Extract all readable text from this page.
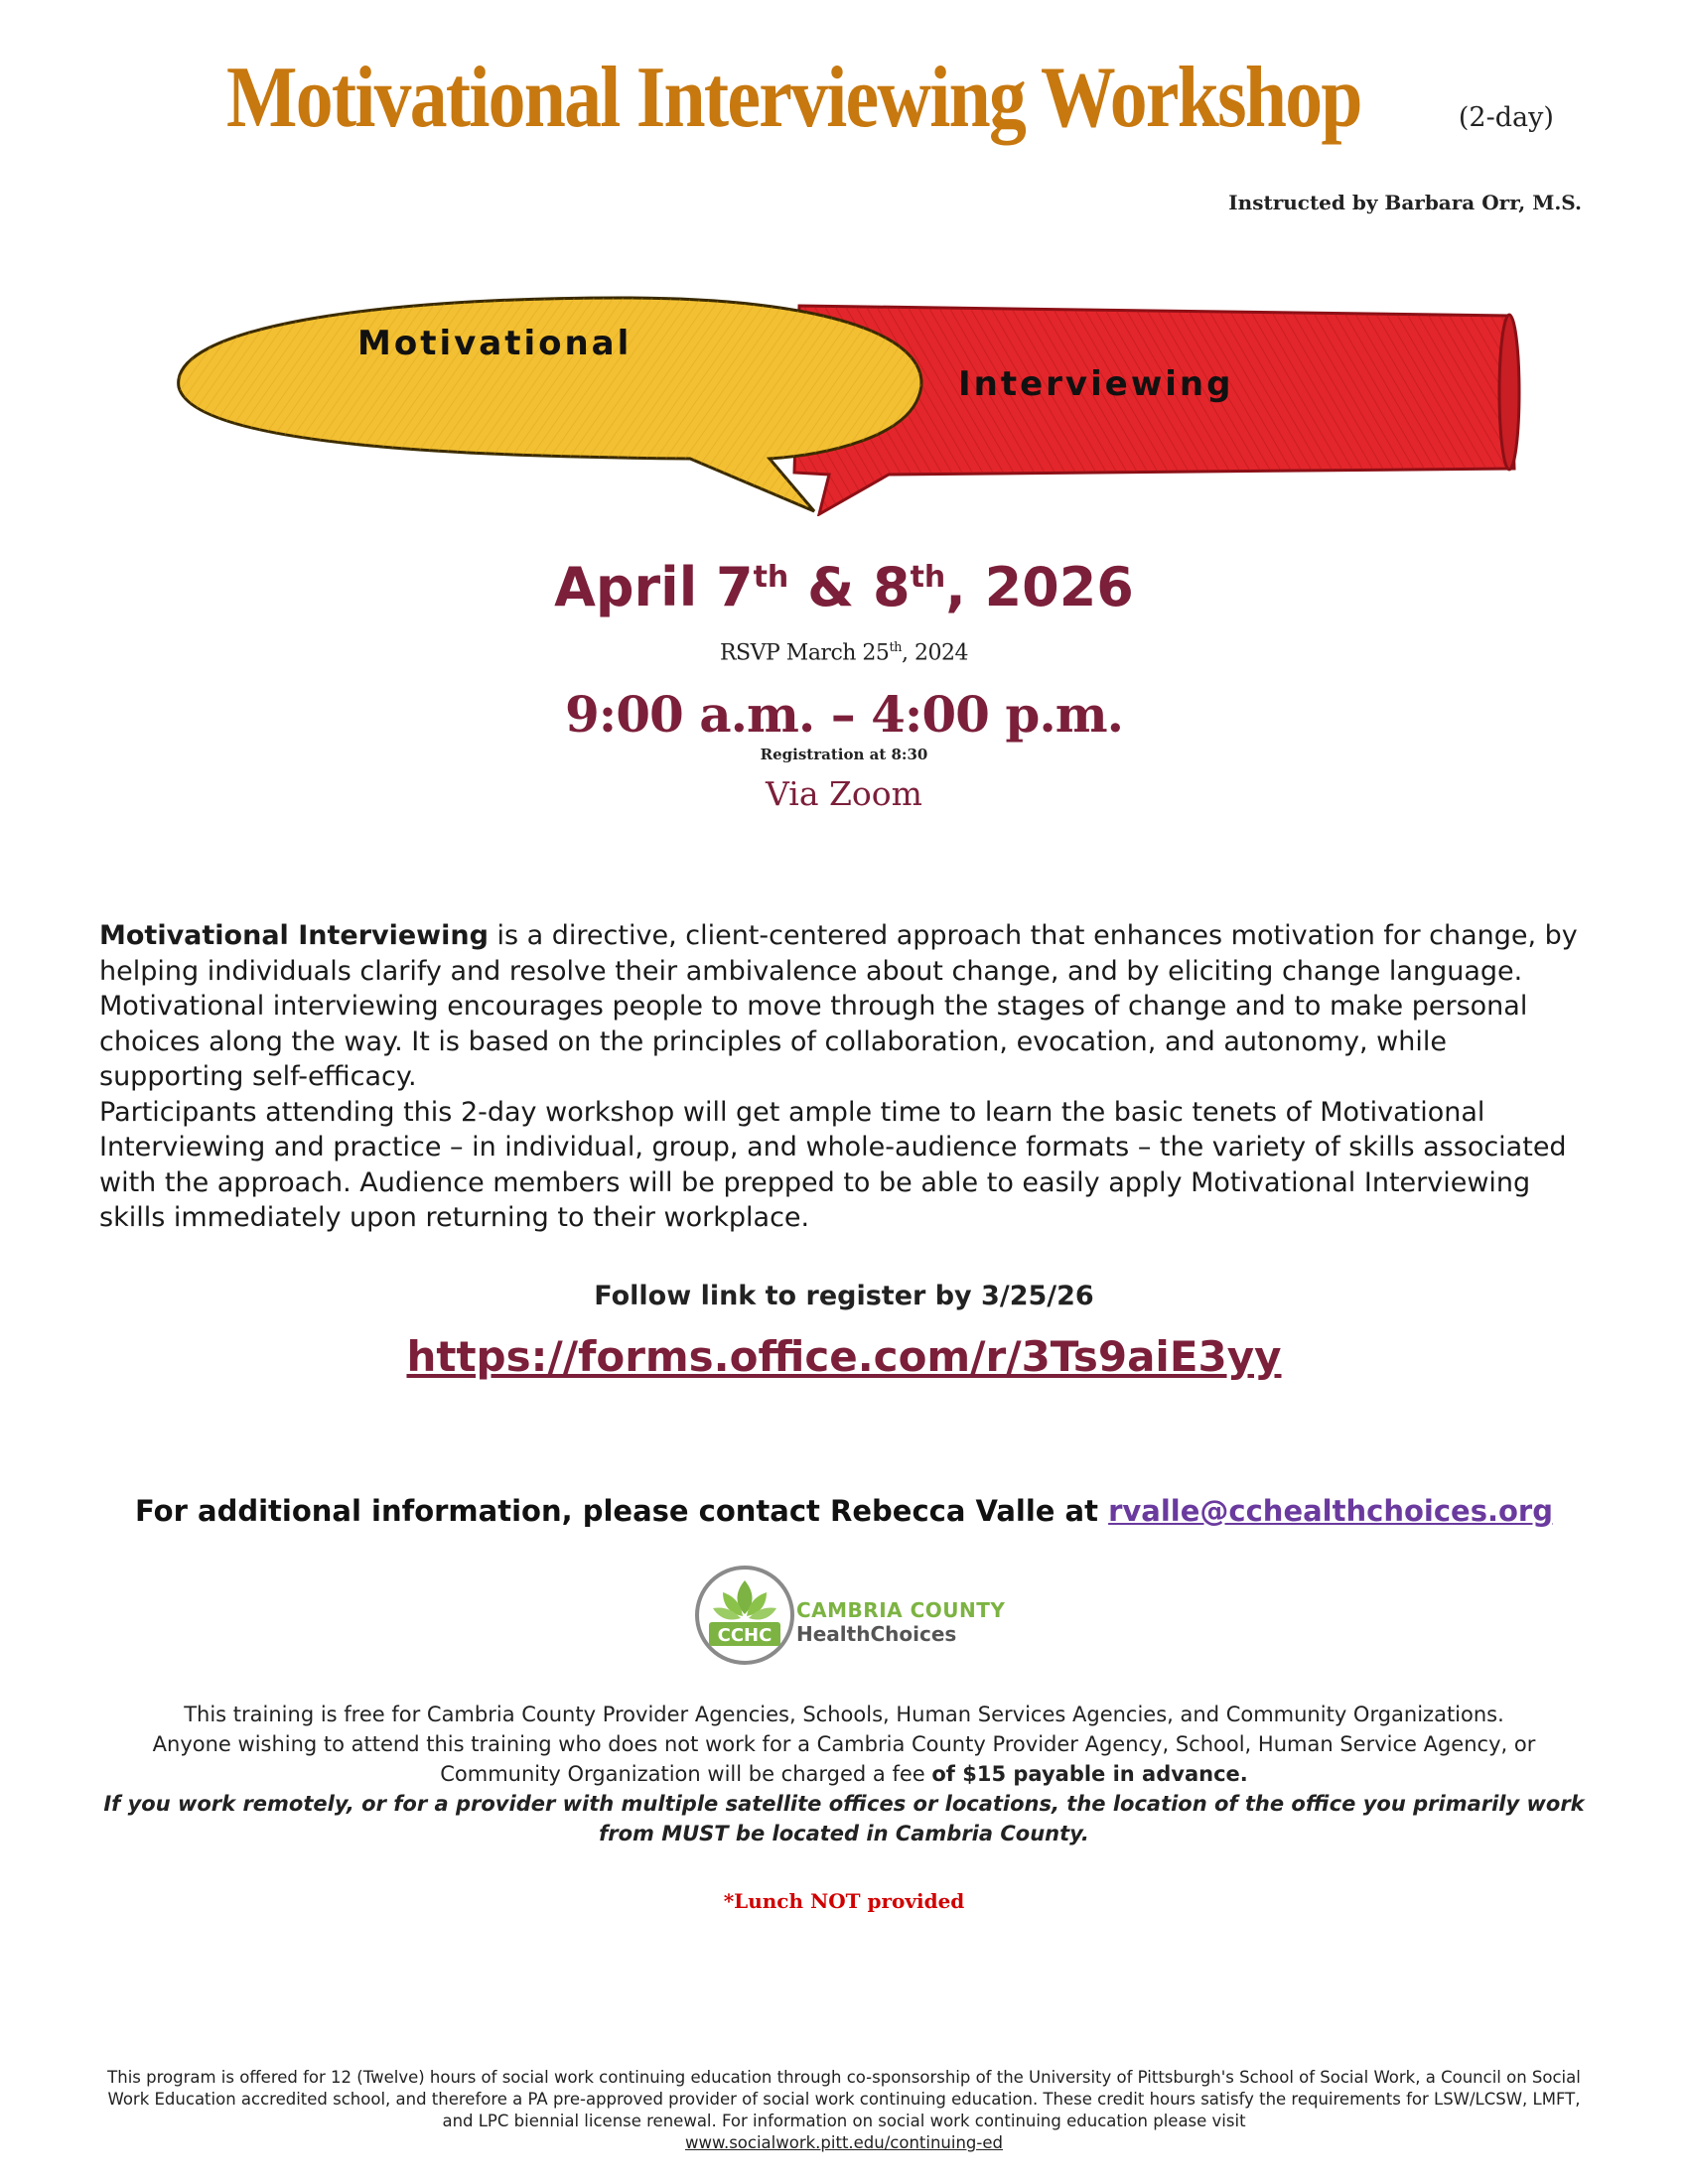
Motivational Interviewing Workshop	(2-day)
Instructed by Barbara Orr, M.S.
Motivational
Interviewing
April 7th & 8th, 2026
RSVP March 25th, 2024
9:00 a.m. – 4:00 p.m.
Registration at 8:30
Via Zoom

Motivational Interviewing is a directive, client-centered approach that enhances motivation for change, by helping individuals clarify and resolve their ambivalence about change, and by eliciting change language. Motivational interviewing encourages people to move through the stages of change and to make personal choices along the way. It is based on the principles of collaboration, evocation, and autonomy, while supporting self-efficacy.

Participants attending this 2-day workshop will get ample time to learn the basic tenets of Motivational Interviewing and practice – in individual, group, and whole-audience formats – the variety of skills associated with the approach. Audience members will be prepped to be able to easily apply Motivational Interviewing skills immediately upon returning to their workplace.

Follow link to register by 3/25/26
https://forms.office.com/r/3Ts9aiE3yy
For additional information, please contact Rebecca Valle at rvalle@cchealthchoices.org
CCHC
CAMBRIA COUNTY
HealthChoices
This training is free for Cambria County Provider Agencies, Schools, Human Services Agencies, and Community Organizations.
Anyone wishing to attend this training who does not work for a Cambria County Provider Agency, School, Human Service Agency, or Community Organization will be charged a fee of $15 payable in advance.
If you work remotely, or for a provider with multiple satellite offices or locations, the location of the office you primarily work from MUST be located in Cambria County.
*Lunch NOT provided
This program is offered for 12 (Twelve) hours of social work continuing education through co-sponsorship of the University of Pittsburgh's School of Social Work, a Council on Social Work Education accredited school, and therefore a PA pre-approved provider of social work continuing education. These credit hours satisfy the requirements for LSW/LCSW, LMFT, and LPC biennial license renewal. For information on social work continuing education please visit
www.socialwork.pitt.edu/continuing-ed
